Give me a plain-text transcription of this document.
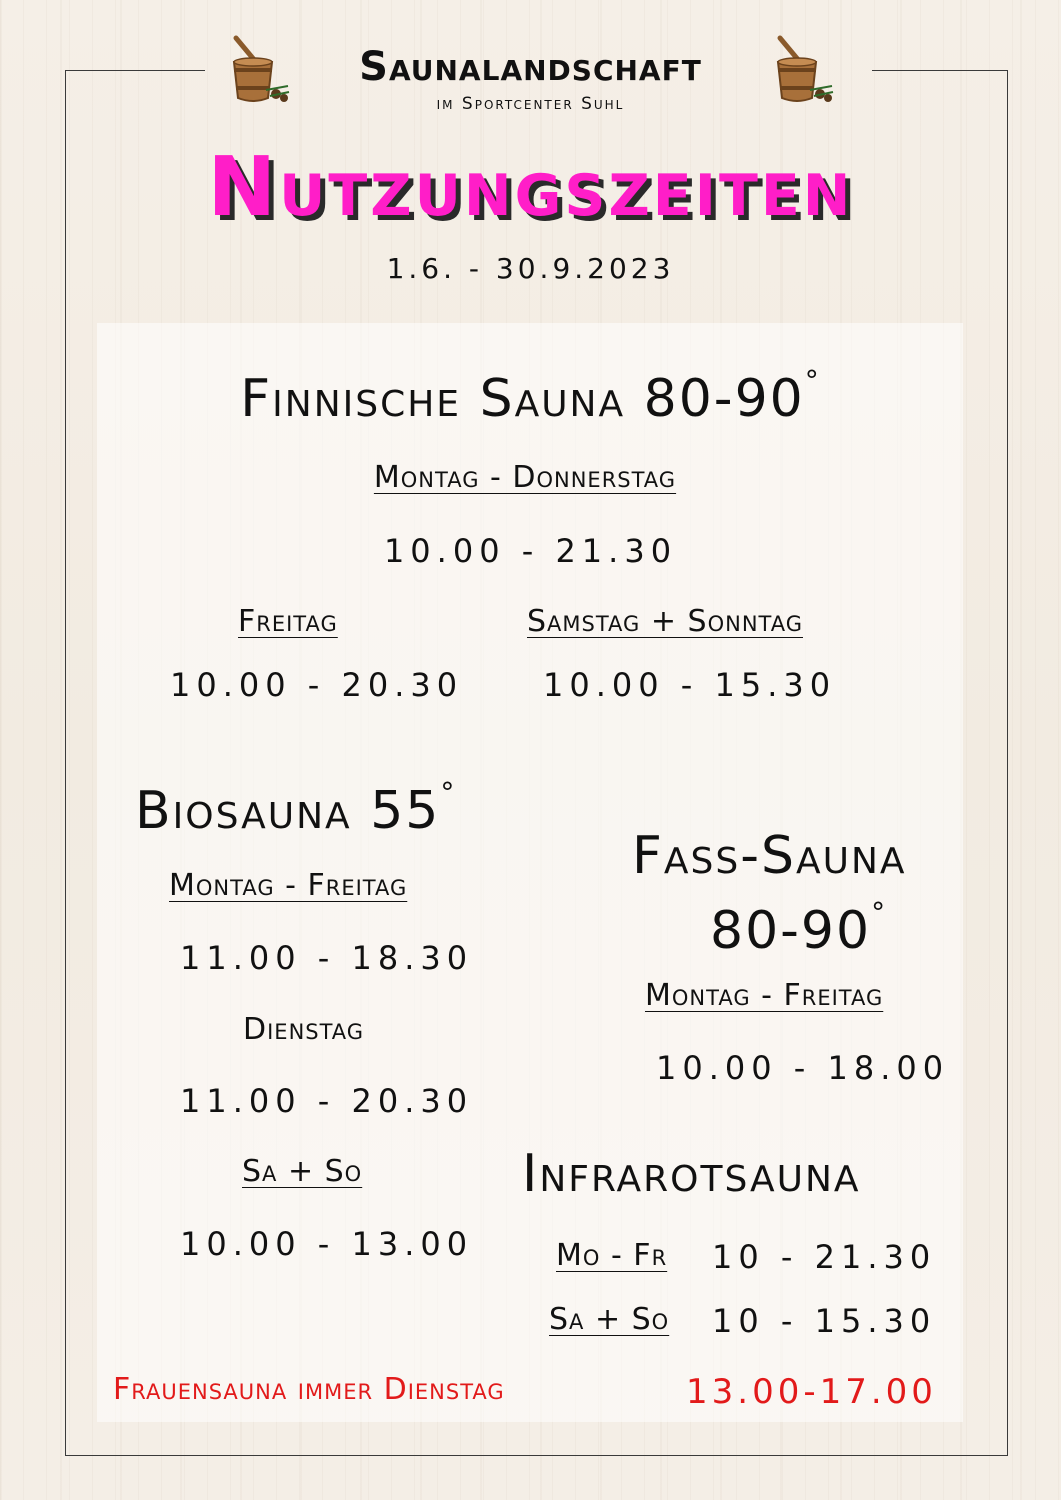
Saunalandschaft
im Sportcenter Suhl
Nutzungszeiten
1.6. - 30.9.2023
Finnische Sauna 80-90°
Montag - Donnerstag
10.00 - 21.30
Freitag
10.00 - 20.30
Samstag + Sonntag
10.00 - 15.30
Biosauna 55°
Montag - Freitag
11.00 - 18.30
Dienstag
11.00 - 20.30
Sa + So
10.00 - 13.00
Fass-Sauna
80-90°
Montag - Freitag
10.00 - 18.00
Infrarotsauna
Mo - Fr 10 - 21.30
Sa + So 10 - 15.30
Frauensauna immer Dienstag	13.00-17.00
